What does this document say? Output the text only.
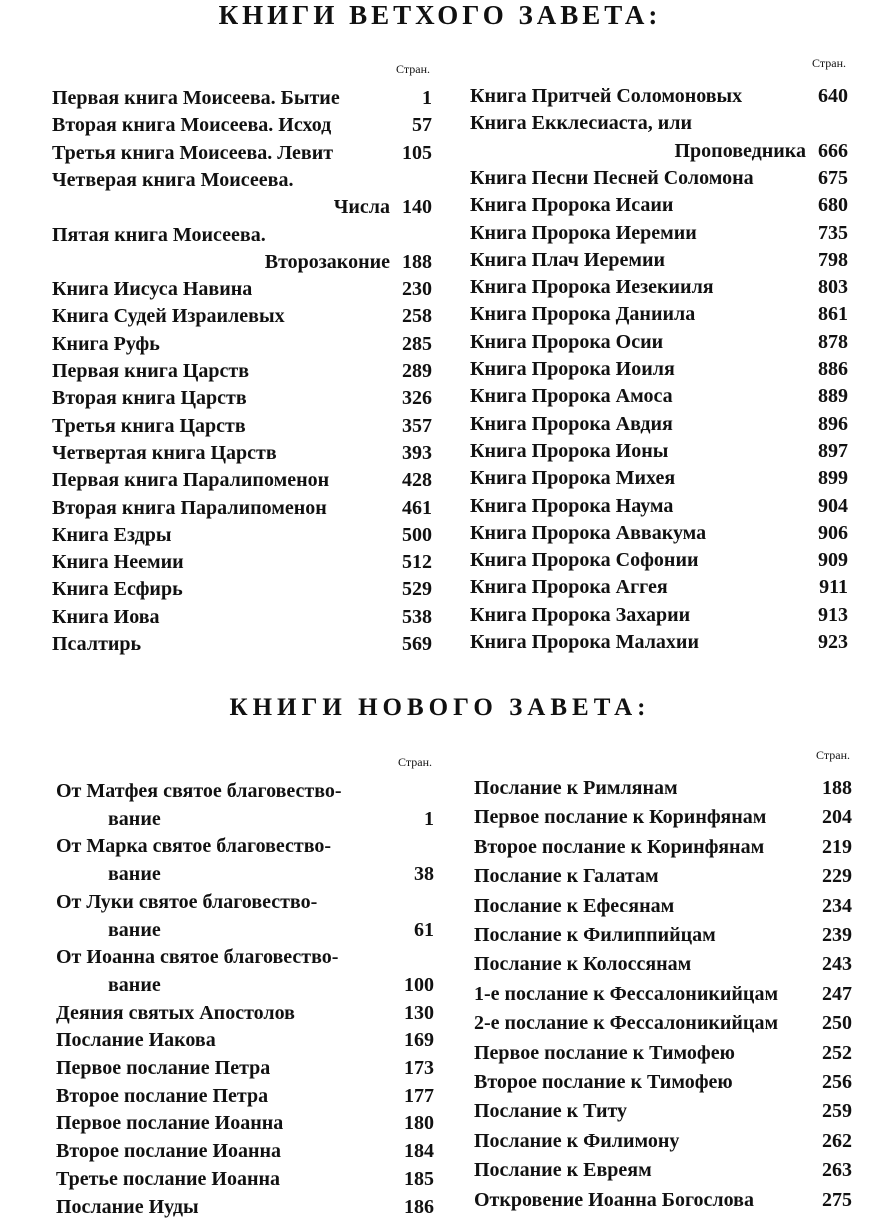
КНИГИ ВЕТХОГО ЗАВЕТА:
Стран.
Первая книга Моисеева. Бытие	1
Вторая книга Моисеева. Исход	57
Третья книга Моисеева. Левит	105
Четверая книга Моисеева.
Числа 140
Пятая книга Моисеева.
Второзаконие 188
Книга Иисуса Навина	230
Книга Судей Израилевых	258
Книга Руфь	285
Первая книга Царств	289
Вторая книга Царств	326
Третья книга Царств	357
Четвертая книга Царств	393
Первая книга Паралипоменон	428
Вторая книга Паралипоменон	461
Книга Ездры	500
Книга Неемии	512
Книга Есфирь	529
Книга Иова	538
Псалтирь	569
Стран.
Книга Притчей Соломоновых	640
Книга Екклесиаста, или
Проповедника 666
Книга Песни Песней Соломона	675
Книга Пророка Исаии	680
Книга Пророка Иеремии	735
Книга Плач Иеремии	798
Книга Пророка Иезекииля	803
Книга Пророка Даниила	861
Книга Пророка Осии	878
Книга Пророка Иоиля	886
Книга Пророка Амоса	889
Книга Пророка Авдия	896
Книга Пророка Ионы	897
Книга Пророка Михея	899
Книга Пророка Наума	904
Книга Пророка Аввакума	906
Книга Пророка Софонии	909
Книга Пророка Аггея	911
Книга Пророка Захарии	913
Книга Пророка Малахии	923
КНИГИ НОВОГО ЗАВЕТА:
Стран.
От Матфея святое благовество-
вание	1
От Марка святое благовество-
вание	38
От Луки святое благовество-
вание	61
От Иоанна святое благовество-
вание	100
Деяния святых Апостолов	130
Послание Иакова	169
Первое послание Петра	173
Второе послание Петра	177
Первое послание Иоанна	180
Второе послание Иоанна	184
Третье послание Иоанна	185
Послание Иуды	186
Стран.
Послание к Римлянам	188
Первое послание к Коринфянам	204
Второе послание к Коринфянам	219
Послание к Галатам	229
Послание к Ефесянам	234
Послание к Филиппийцам	239
Послание к Колоссянам	243
1-е послание к Фессалоникийцам 247
2-е послание к Фессалоникийцам 250
Первое послание к Тимофею	252
Второе послание к Тимофею	256
Послание к Титу	259
Послание к Филимону	262
Послание к Евреям	263
Откровение Иоанна Богослова	275
